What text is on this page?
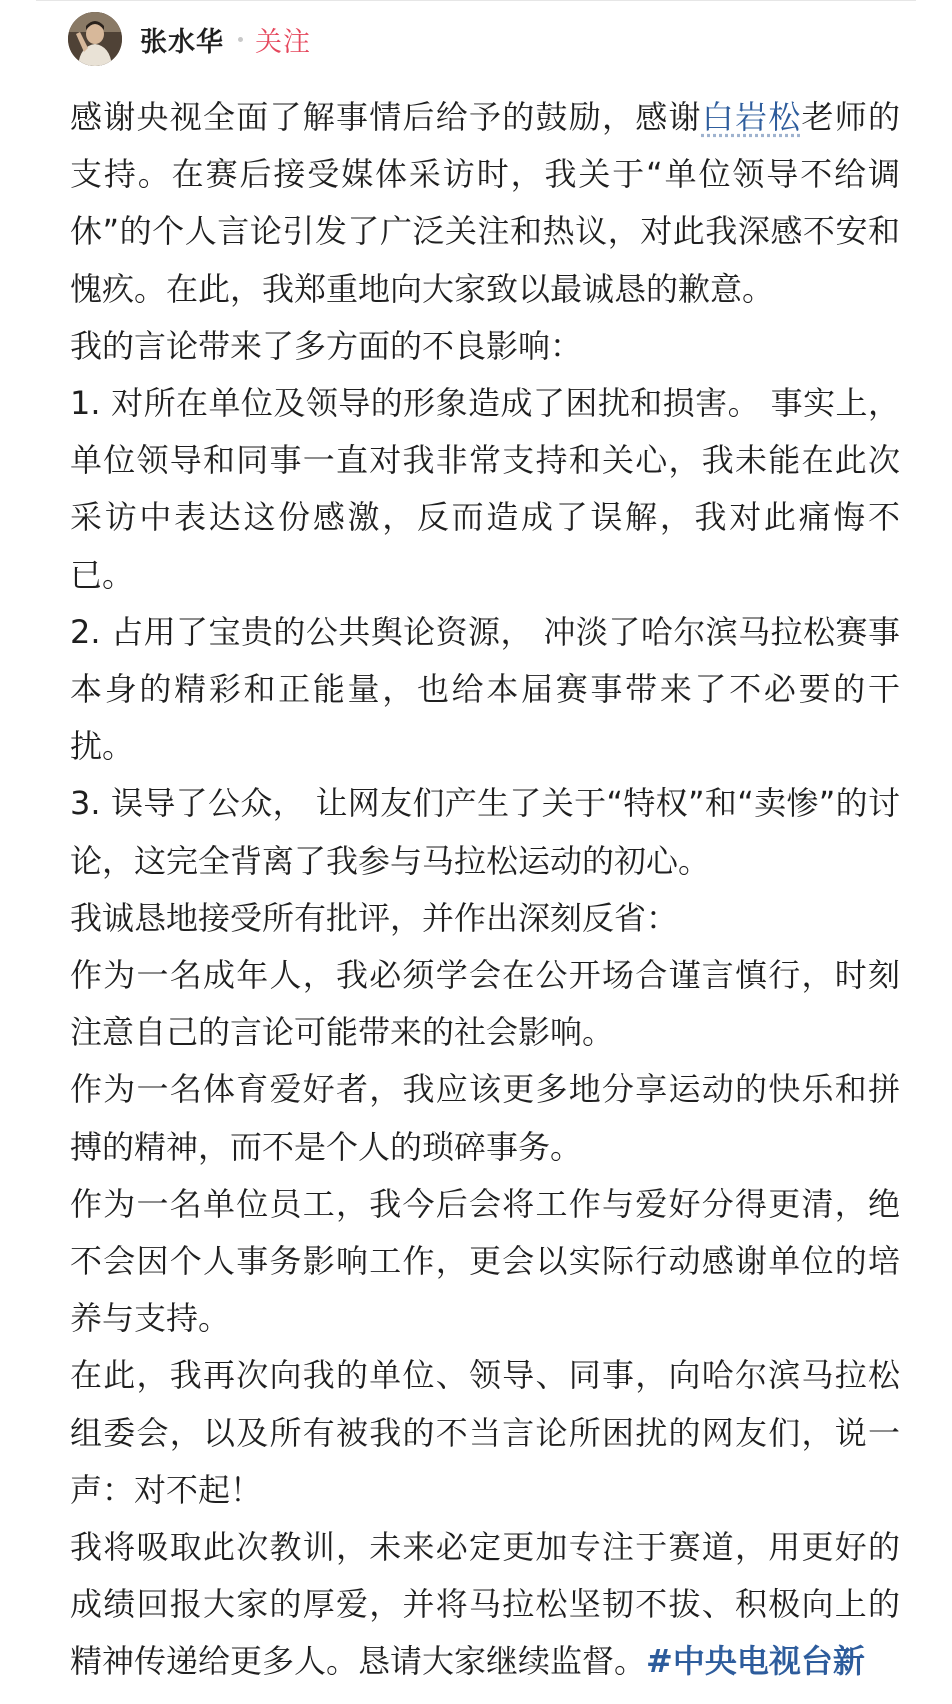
张水华 关注

感谢央视全面了解事情后给予的鼓励，感谢白岩松老师的支持。在赛后接受媒体采访时，我关于“单位领导不给调休”的个人言论引发了广泛关注和热议，对此我深感不安和愧疚。在此，我郑重地向大家致以最诚恳的歉意。

我的言论带来了多方面的不良影响：

1. 对所在单位及领导的形象造成了困扰和损害。 事实上，单位领导和同事一直对我非常支持和关心，我未能在此次采访中表达这份感激，反而造成了误解，我对此痛悔不已。

2. 占用了宝贵的公共舆论资源， 冲淡了哈尔滨马拉松赛事本身的精彩和正能量，也给本届赛事带来了不必要的干扰。

3. 误导了公众， 让网友们产生了关于“特权”和“卖惨”的讨论，这完全背离了我参与马拉松运动的初心。

我诚恳地接受所有批评，并作出深刻反省：

作为一名成年人，我必须学会在公开场合谨言慎行，时刻注意自己的言论可能带来的社会影响。

作为一名体育爱好者，我应该更多地分享运动的快乐和拼搏的精神，而不是个人的琐碎事务。

作为一名单位员工，我今后会将工作与爱好分得更清，绝不会因个人事务影响工作，更会以实际行动感谢单位的培养与支持。

在此，我再次向我的单位、领导、同事，向哈尔滨马拉松组委会，以及所有被我的不当言论所困扰的网友们，说一声：对不起！

我将吸取此次教训，未来必定更加专注于赛道，用更好的成绩回报大家的厚爱，并将马拉松坚韧不拔、积极向上的精神传递给更多人。恳请大家继续监督。#中央电视台新
